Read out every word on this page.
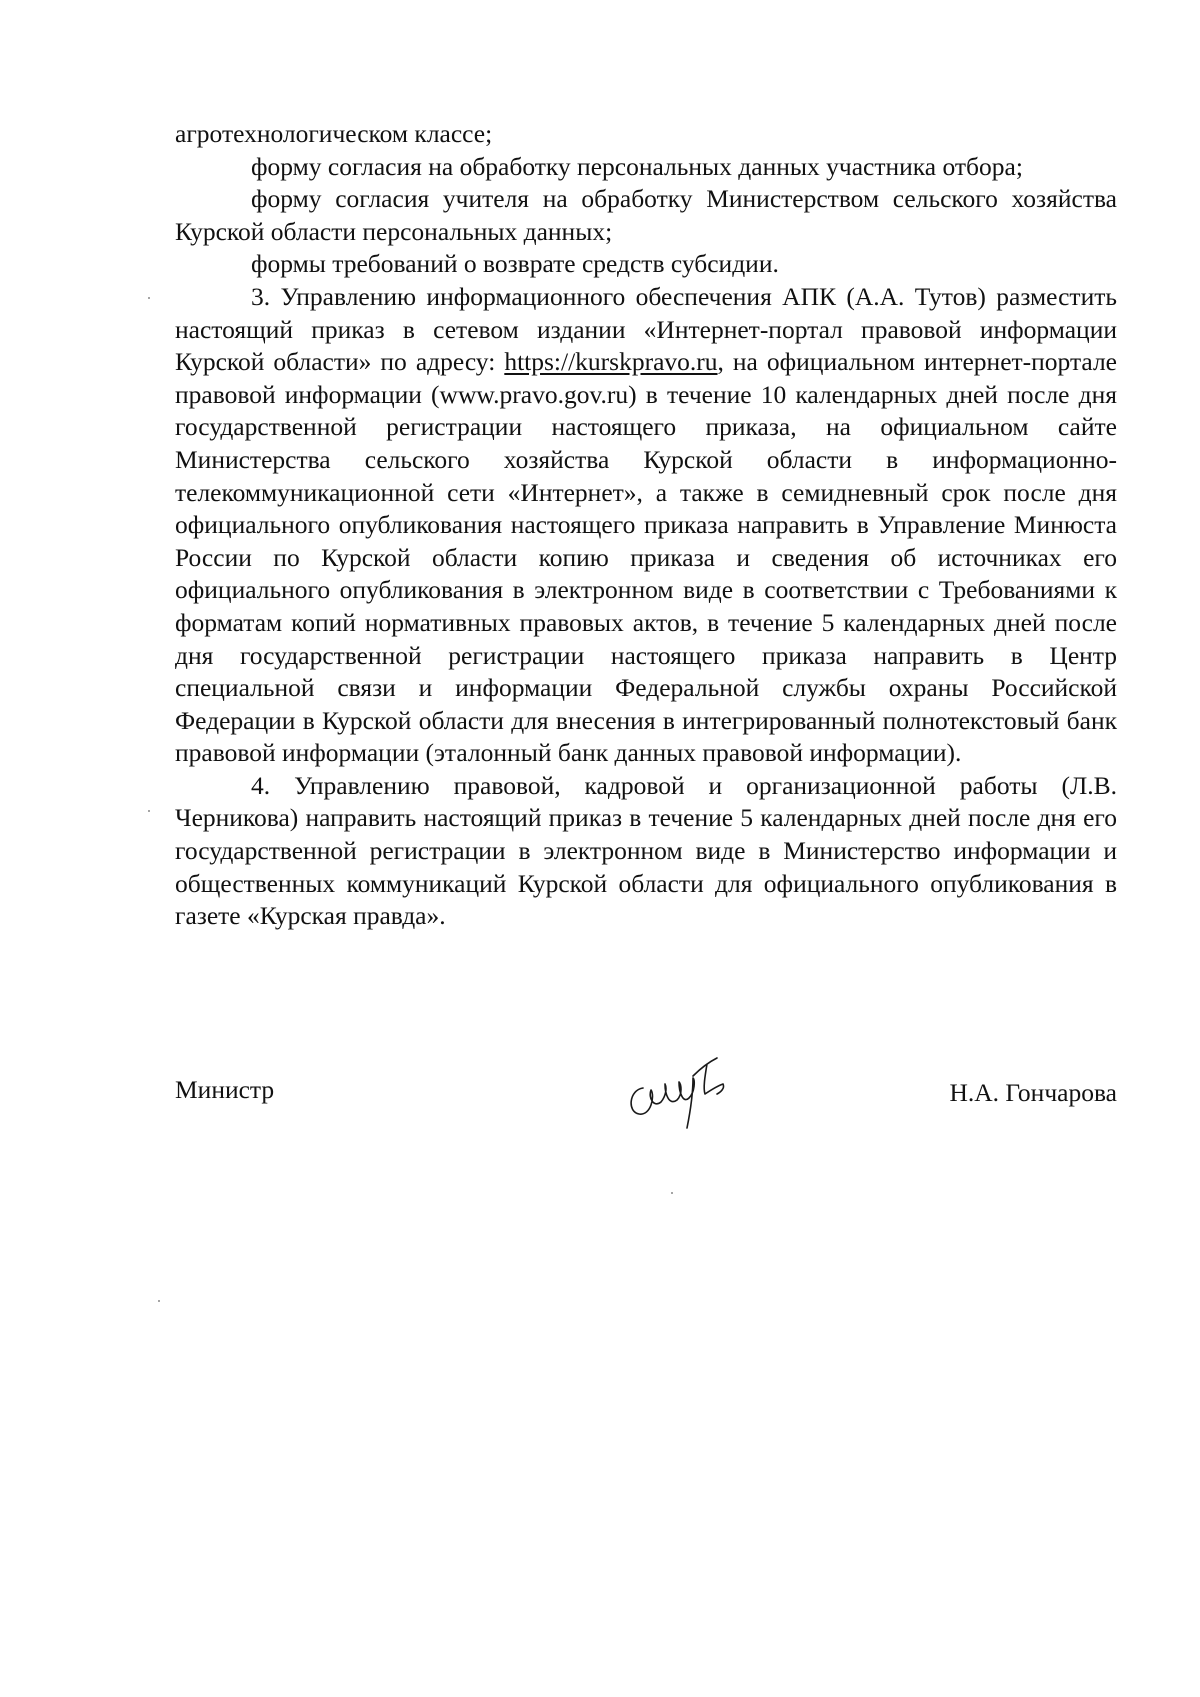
агротехнологическом классе;

форму согласия на обработку персональных данных участника отбора;

форму согласия учителя на обработку Министерством сельского хозяйства Курской области персональных данных;

формы требований о возврате средств субсидии.

3. Управлению информационного обеспечения АПК (А.А. Тутов) разместить настоящий приказ в сетевом издании «Интернет-портал правовой информации Курской области» по адресу: https://kurskpravo.ru, на официальном интернет-портале правовой информации (www.pravo.gov.ru) в течение 10 календарных дней после дня государственной регистрации настоящего приказа, на официальном сайте Министерства сельского хозяйства Курской области в информационно-телекоммуникационной сети «Интернет», а также в семидневный срок после дня официального опубликования настоящего приказа направить в Управление Минюста России по Курской области копию приказа и сведения об источниках его официального опубликования в электронном виде в соответствии с Требованиями к форматам копий нормативных правовых актов, в течение 5 календарных дней после дня государственной регистрации настоящего приказа направить в Центр специальной связи и информации Федеральной службы охраны Российской Федерации в Курской области для внесения в интегрированный полнотекстовый банк правовой информации (эталонный банк данных правовой информации).

4. Управлению правовой, кадровой и организационной работы (Л.В. Черникова) направить настоящий приказ в течение 5 календарных дней после дня его государственной регистрации в электронном виде в Министерство информации и общественных коммуникаций Курской области для официального опубликования в газете «Курская правда».

Министр	Н.А. Гончарова
